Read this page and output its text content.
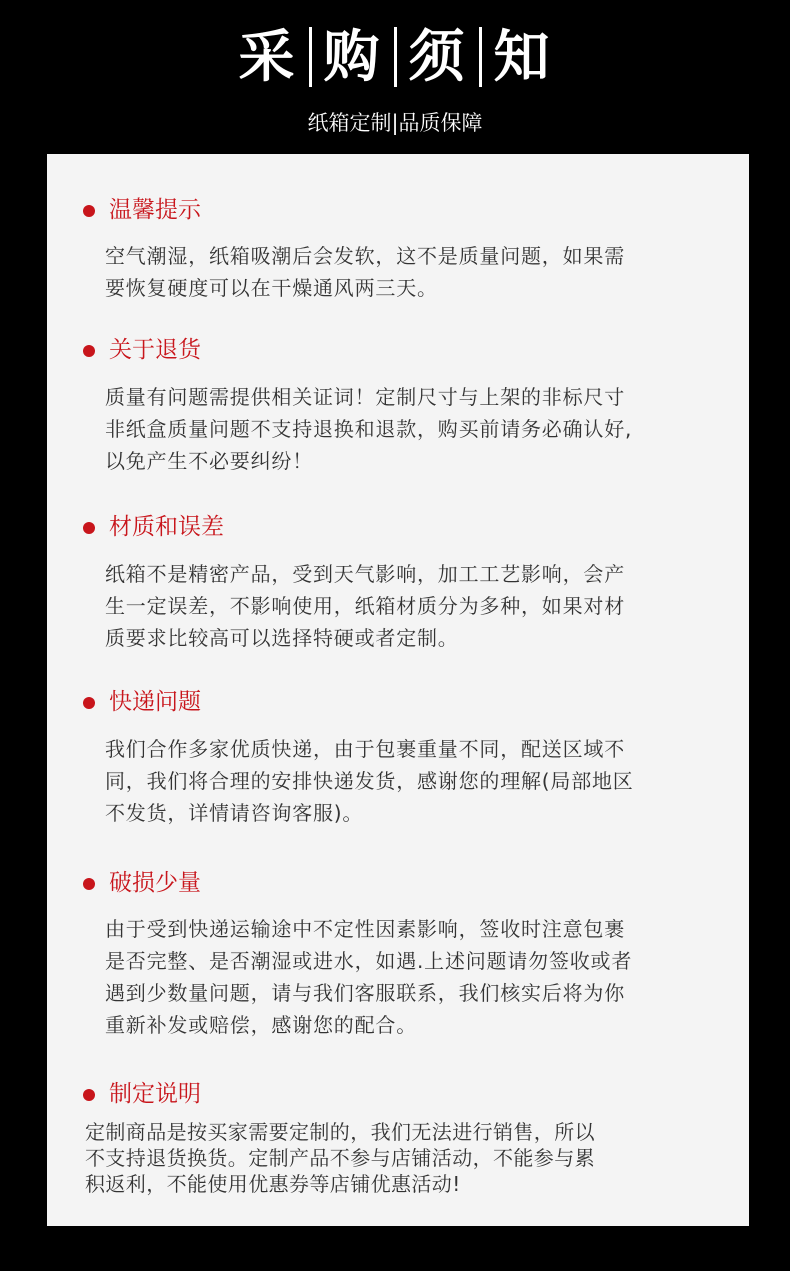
采 购 须 知
纸箱定制|品质保障
温馨提示
空气潮湿，纸箱吸潮后会发软，这不是质量问题，如果需
要恢复硬度可以在干燥通风两三天。
关于退货
质量有问题需提供相关证词！定制尺寸与上架的非标尺寸
非纸盒质量问题不支持退换和退款，购买前请务必确认好,
以免产生不必要纠纷！
材质和误差
纸箱不是精密产品，受到天气影响，加工工艺影响，会产
生一定误差，不影响使用，纸箱材质分为多种，如果对材
质要求比较高可以选择特硬或者定制。
快递问题
我们合作多家优质快递，由于包裹重量不同，配送区域不
同，我们将合理的安排快递发货，感谢您的理解(局部地区
不发货，详情请咨询客服)。
破损少量
由于受到快递运输途中不定性因素影响，签收时注意包裹
是否完整、是否潮湿或进水，如遇.上述问题请勿签收或者
遇到少数量问题，请与我们客服联系，我们核实后将为你
重新补发或赔偿，感谢您的配合。
制定说明
定制商品是按买家需要定制的，我们无法进行销售，所以
不支持退货换货。定制产品不参与店铺活动，不能参与累
积返利，不能使用优惠券等店铺优惠活动!
